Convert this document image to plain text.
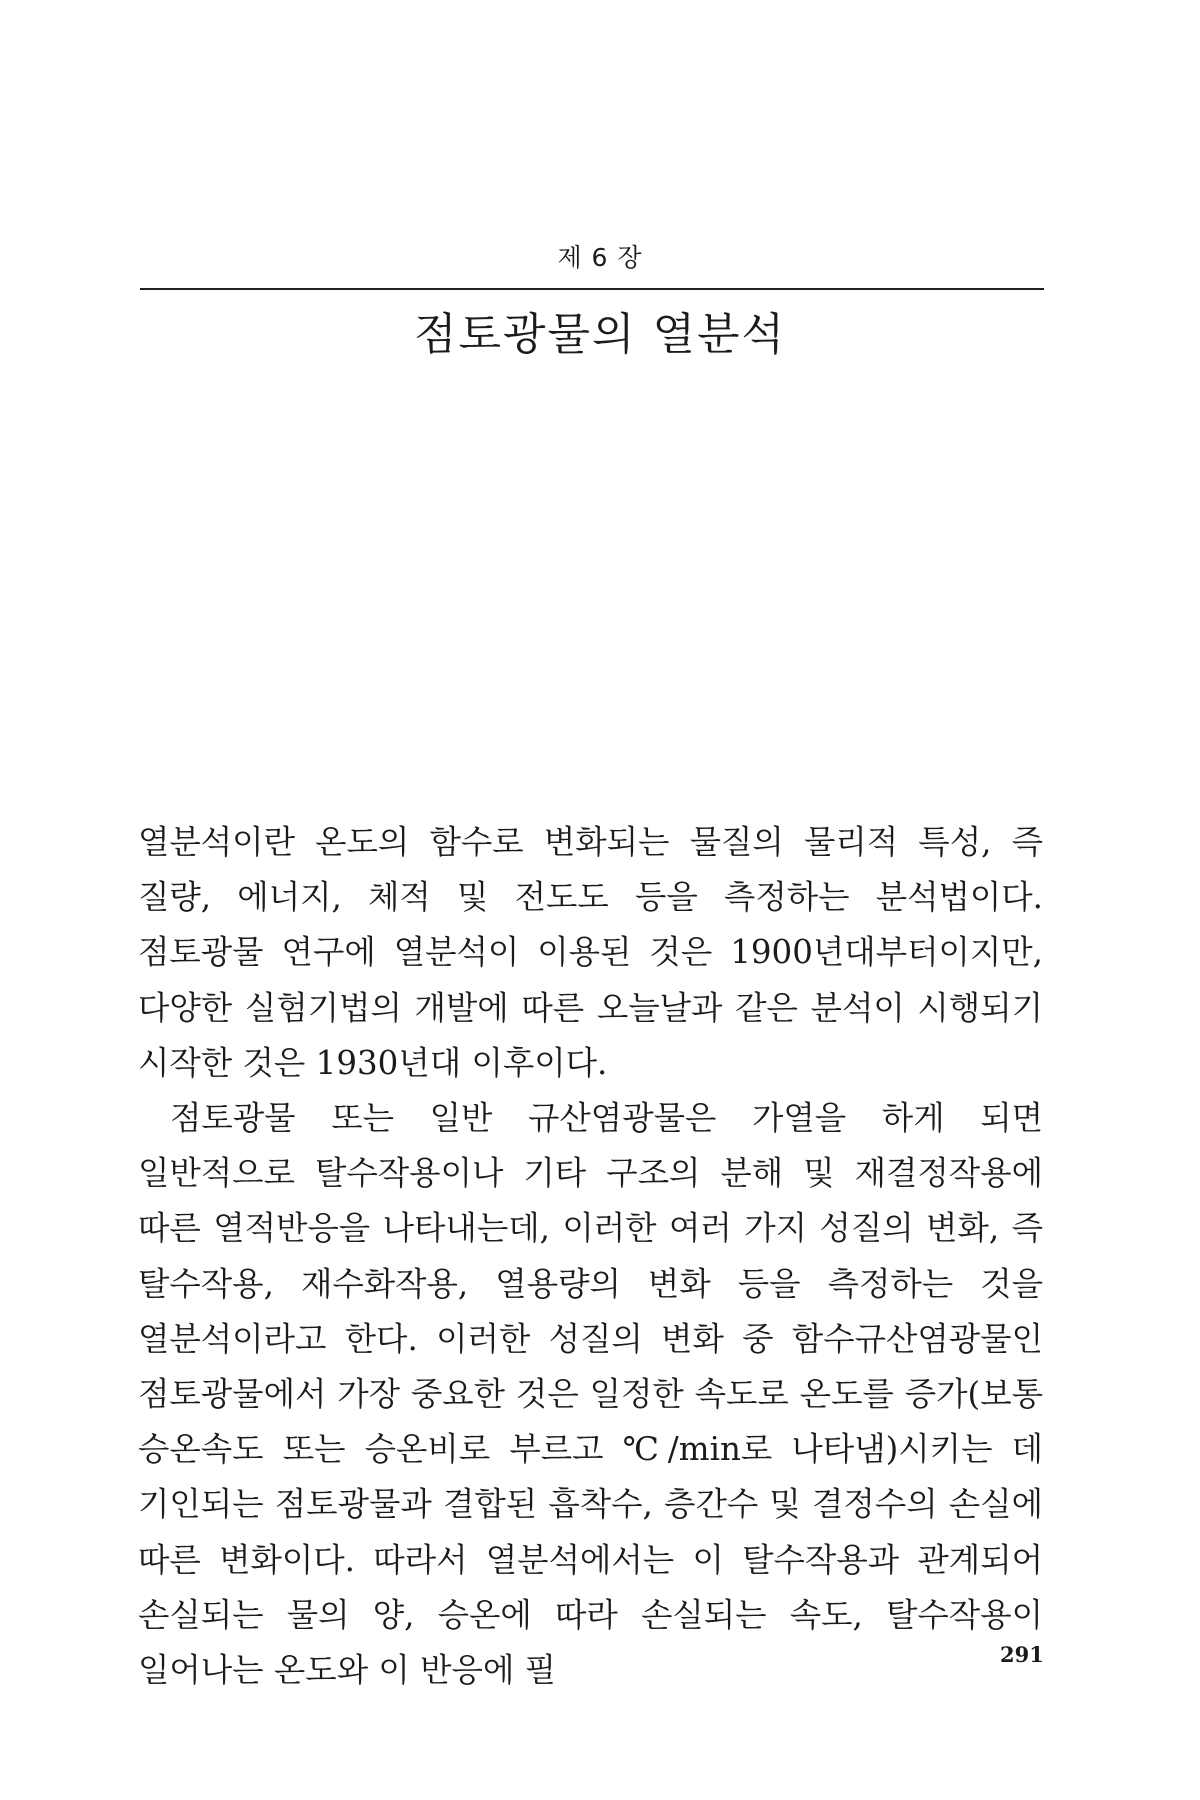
제 6 장
점토광물의 열분석

열분석이란 온도의 함수로 변화되는 물질의 물리적 특성, 즉 질량, 에너지, 체적 및 전도도 등을 측정하는 분석법이다. 점토광물 연구에 열분석이 이용된 것은 1900년대부터이지만, 다양한 실험기법의 개발에 따른 오늘날과 같은 분석이 시행되기 시작한 것은 1930년대 이후이다.

점토광물 또는 일반 규산염광물은 가열을 하게 되면 일반적으로 탈수작용이나 기타 구조의 분해 및 재결정작용에 따른 열적반응을 나타내는데, 이러한 여러 가지 성질의 변화, 즉 탈수작용, 재수화작용, 열용량의 변화 등을 측정하는 것을 열분석이라고 한다. 이러한 성질의 변화 중 함수규산염광물인 점토광물에서 가장 중요한 것은 일정한 속도로 온도를 증가(보통 승온속도 또는 승온비로 부르고 ℃/min로 나타냄)시키는 데 기인되는 점토광물과 결합된 흡착수, 층간수 및 결정수의 손실에 따른 변화이다. 따라서 열분석에서는 이 탈수작용과 관계되어 손실되는 물의 양, 승온에 따라 손실되는 속도, 탈수작용이 일어나는 온도와 이 반응에 필	291
